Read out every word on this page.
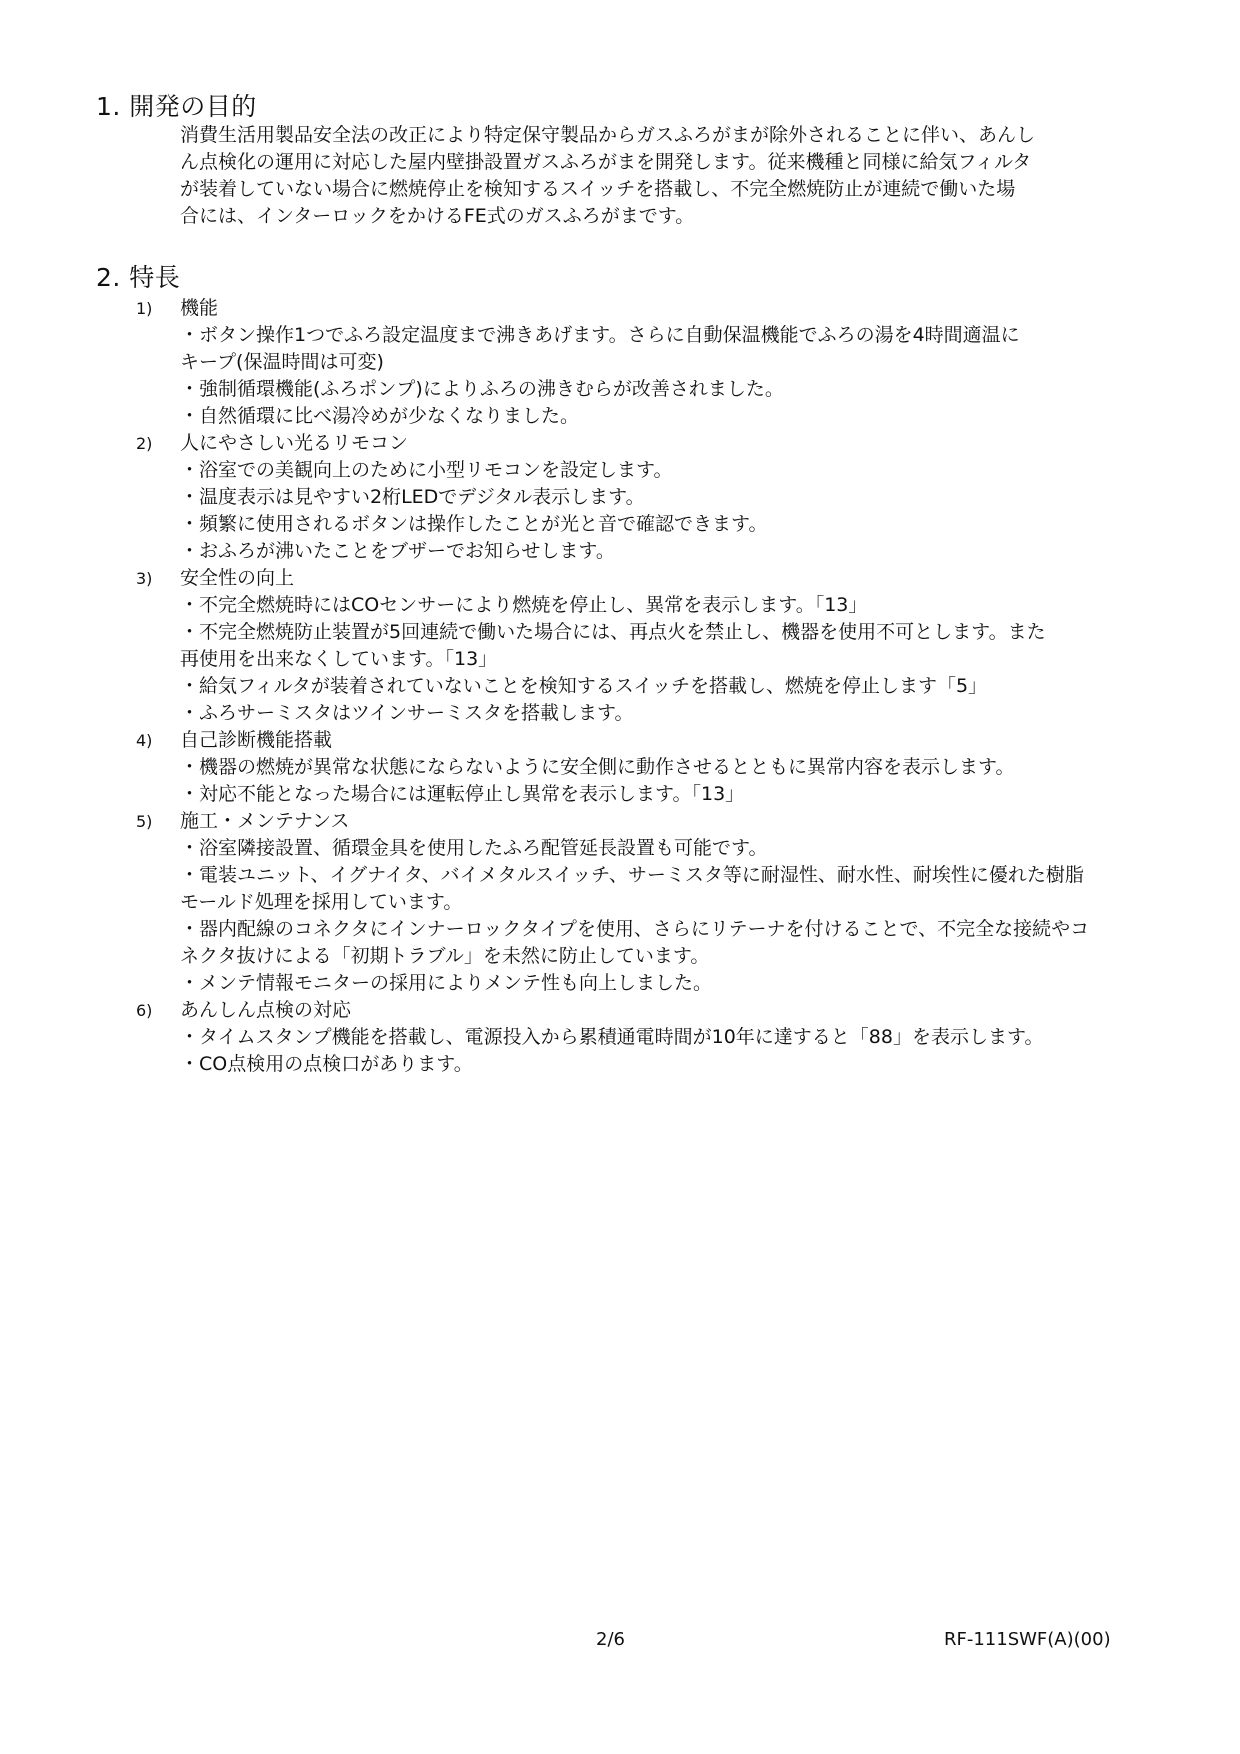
1. 開発の目的
消費生活用製品安全法の改正により特定保守製品からガスふろがまが除外されることに伴い、あんし
ん点検化の運用に対応した屋内壁掛設置ガスふろがまを開発します。従来機種と同様に給気フィルタ
が装着していない場合に燃焼停止を検知するスイッチを搭載し、不完全燃焼防止が連続で働いた場
合には、インターロックをかけるFE式のガスふろがまです。
2. 特長
1) 機能
・ボタン操作1つでふろ設定温度まで沸きあげます。さらに自動保温機能でふろの湯を4時間適温に
キープ(保温時間は可変)
・強制循環機能(ふろポンプ)によりふろの沸きむらが改善されました。
・自然循環に比べ湯冷めが少なくなりました。
2) 人にやさしい光るリモコン
・浴室での美観向上のために小型リモコンを設定します。
・温度表示は見やすい2桁LEDでデジタル表示します。
・頻繁に使用されるボタンは操作したことが光と音で確認できます。
・おふろが沸いたことをブザーでお知らせします。
3) 安全性の向上
・不完全燃焼時にはCOセンサーにより燃焼を停止し、異常を表示します。「13」
・不完全燃焼防止装置が5回連続で働いた場合には、再点火を禁止し、機器を使用不可とします。また
再使用を出来なくしています。「13」
・給気フィルタが装着されていないことを検知するスイッチを搭載し、燃焼を停止します「5」
・ふろサーミスタはツインサーミスタを搭載します。
4) 自己診断機能搭載
・機器の燃焼が異常な状態にならないように安全側に動作させるとともに異常内容を表示します。
・対応不能となった場合には運転停止し異常を表示します。「13」
5) 施工・メンテナンス
・浴室隣接設置、循環金具を使用したふろ配管延長設置も可能です。
・電装ユニット、イグナイタ、バイメタルスイッチ、サーミスタ等に耐湿性、耐水性、耐埃性に優れた樹脂
モールド処理を採用しています。
・器内配線のコネクタにインナーロックタイプを使用、さらにリテーナを付けることで、不完全な接続やコ
ネクタ抜けによる「初期トラブル」を未然に防止しています。
・メンテ情報モニターの採用によりメンテ性も向上しました。
6) あんしん点検の対応
・タイムスタンプ機能を搭載し、電源投入から累積通電時間が10年に達すると「88」を表示します。
・CO点検用の点検口があります。
2/6	RF-111SWF(A)(00)
